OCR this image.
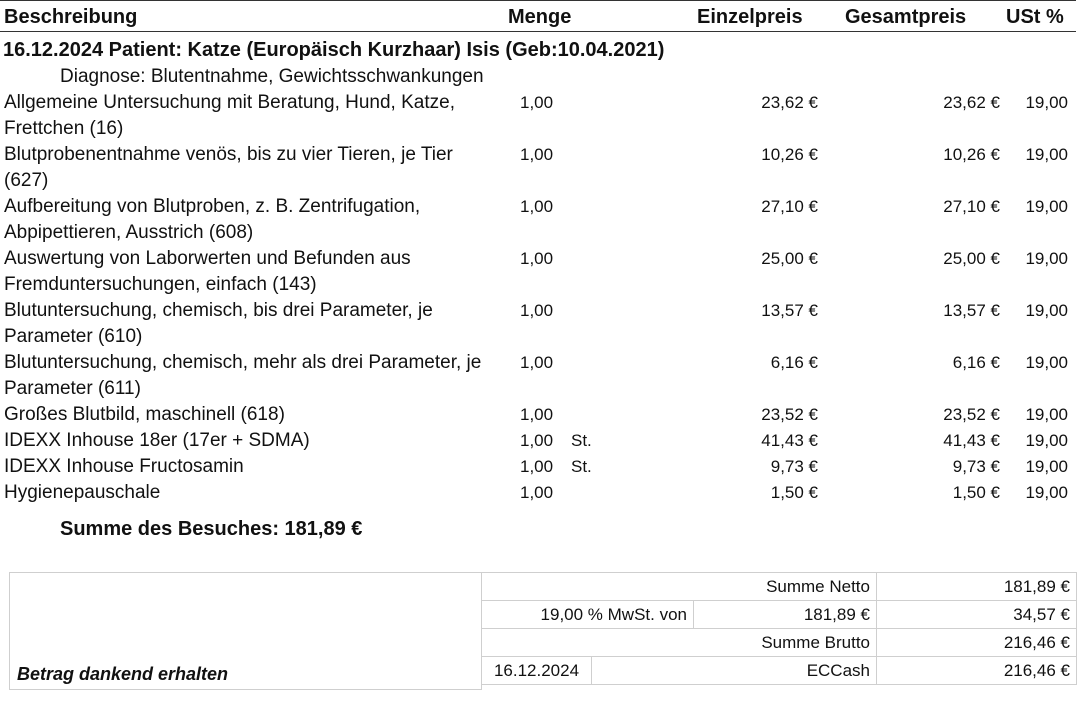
Beschreibung	Menge	Einzelpreis Gesamtpreis USt %
16.12.2024 Patient: Katze (Europäisch Kurzhaar) Isis (Geb:10.04.2021)
Diagnose: Blutentnahme, Gewichtsschwankungen
Allgemeine Untersuchung mit Beratung, Hund, Katze, Frettchen (16)
1,00	23,62 €	23,62 € 19,00
Blutprobenentnahme venös, bis zu vier Tieren, je Tier (627)
1,00	10,26 €	10,26 € 19,00
Aufbereitung von Blutproben, z. B. Zentrifugation, Abpipettieren, Ausstrich (608)
1,00	27,10 €	27,10 € 19,00
Auswertung von Laborwerten und Befunden aus Fremduntersuchungen, einfach (143)
1,00	25,00 €	25,00 € 19,00
Blutuntersuchung, chemisch, bis drei Parameter, je Parameter (610)
1,00	13,57 €	13,57 € 19,00
Blutuntersuchung, chemisch, mehr als drei Parameter, je Parameter (611)
1,00	6,16 €	6,16 € 19,00
Großes Blutbild, maschinell (618)	1,00	23,52 €	23,52 € 19,00
IDEXX Inhouse 18er (17er + SDMA)	1,00 St.	41,43 €	41,43 € 19,00
IDEXX Inhouse Fructosamin	1,00 St.	9,73 €	9,73 € 19,00
Hygienepauschale	1,00	1,50 €	1,50 € 19,00
Summe des Besuches: 181,89 €
Summe Netto	181,89 €
19,00 % MwSt. von	181,89 €	34,57 €
Summe Brutto	216,46 €
16.12.2024	ECCash	216,46 €
Betrag dankend erhalten
